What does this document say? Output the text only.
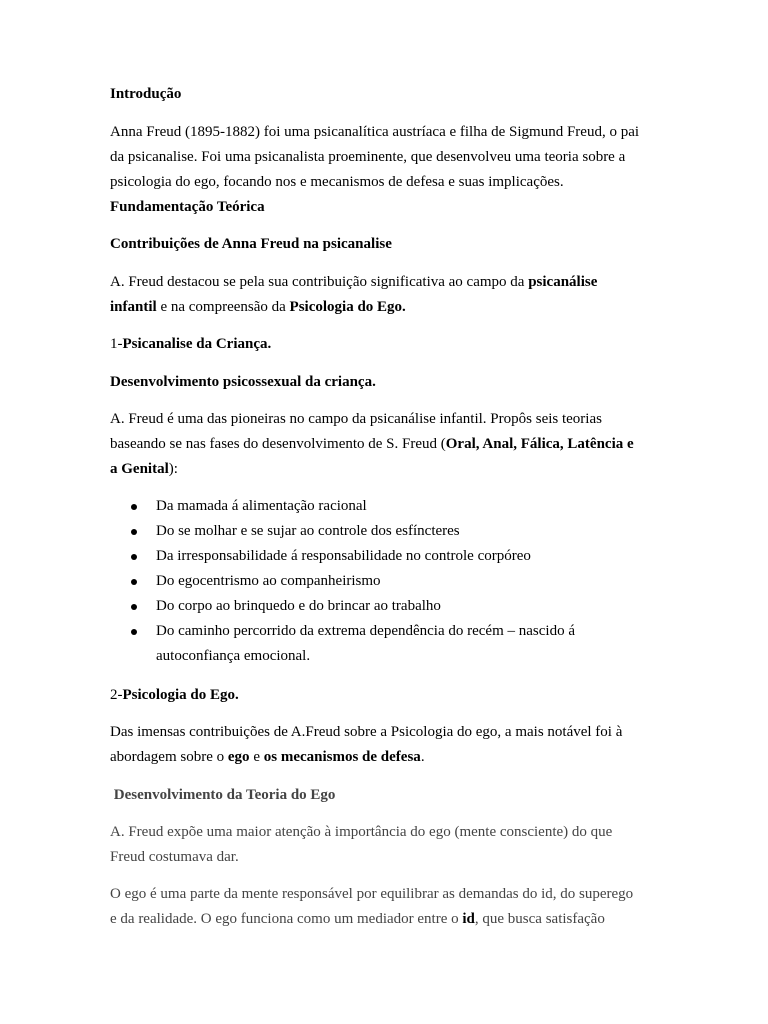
Introdução

Anna Freud (1895-1882) foi uma psicanalítica austríaca e filha de Sigmund Freud, o pai
da psicanalise. Foi uma psicanalista proeminente, que desenvolveu uma teoria sobre a
psicologia do ego, focando nos e mecanismos de defesa e suas implicações.

Fundamentação Teórica

Contribuições de Anna Freud na psicanalise

A. Freud destacou se pela sua contribuição significativa ao campo da psicanálise
infantil e na compreensão da Psicologia do Ego.

1-Psicanalise da Criança.

Desenvolvimento psicossexual da criança.

A. Freud é uma das pioneiras no campo da psicanálise infantil. Propôs seis teorias
baseando se nas fases do desenvolvimento de S. Freud (Oral, Anal, Fálica, Latência e
a Genital):
Da mamada á alimentação racional
Do se molhar e se sujar ao controle dos esfíncteres
Da irresponsabilidade á responsabilidade no controle corpóreo
Do egocentrismo ao companheirismo
Do corpo ao brinquedo e do brincar ao trabalho
Do caminho percorrido da extrema dependência do recém – nascido á
autoconfiança emocional.

2-Psicologia do Ego.

Das imensas contribuições de A.Freud sobre a Psicologia do ego, a mais notável foi à
abordagem sobre o ego e os mecanismos de defesa.

Desenvolvimento da Teoria do Ego

A. Freud expõe uma maior atenção à importância do ego (mente consciente) do que
Freud costumava dar.
O ego é uma parte da mente responsável por equilibrar as demandas do id, do superego
e da realidade. O ego funciona como um mediador entre o id, que busca satisfação
